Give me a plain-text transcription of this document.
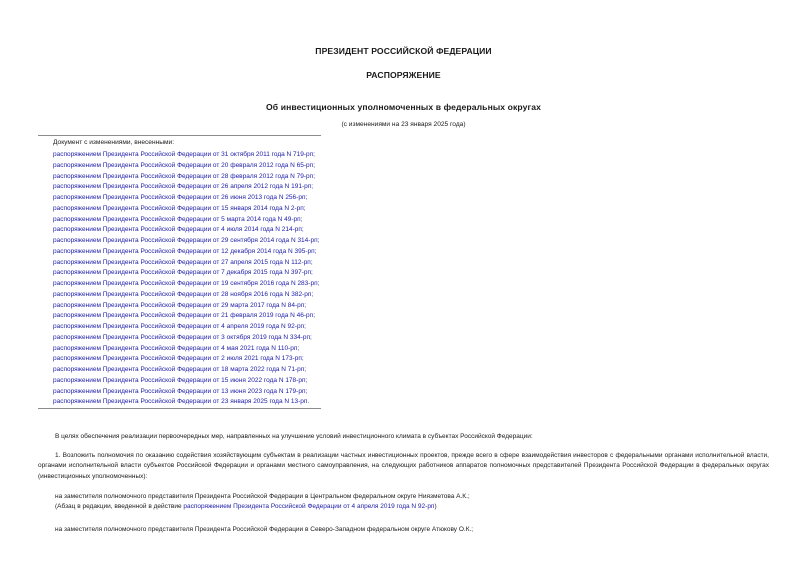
ПРЕЗИДЕНТ РОССИЙСКОЙ ФЕДЕРАЦИИ
РАСПОРЯЖЕНИЕ
Об инвестиционных уполномоченных в федеральных округах
(с изменениями на 23 января 2025 года)
Документ с изменениями, внесенными:
распоряжением Президента Российской Федерации от 31 октября 2011 года N 719-рп;
распоряжением Президента Российской Федерации от 20 февраля 2012 года N 65-рп;
распоряжением Президента Российской Федерации от 28 февраля 2012 года N 79-рп;
распоряжением Президента Российской Федерации от 26 апреля 2012 года N 191-рп;
распоряжением Президента Российской Федерации от 26 июня 2013 года N 256-рп;
распоряжением Президента Российской Федерации от 15 января 2014 года N 2-рп;
распоряжением Президента Российской Федерации от 5 марта 2014 года N 49-рп;
распоряжением Президента Российской Федерации от 4 июля 2014 года N 214-рп;
распоряжением Президента Российской Федерации от 29 сентября 2014 года N 314-рп;
распоряжением Президента Российской Федерации от 12 декабря 2014 года N 395-рп;
распоряжением Президента Российской Федерации от 27 апреля 2015 года N 112-рп;
распоряжением Президента Российской Федерации от 7 декабря 2015 года N 397-рп;
распоряжением Президента Российской Федерации от 19 сентября 2016 года N 283-рп;
распоряжением Президента Российской Федерации от 28 ноября 2016 года N 382-рп;
распоряжением Президента Российской Федерации от 29 марта 2017 года N 84-рп;
распоряжением Президента Российской Федерации от 21 февраля 2019 года N 46-рп;
распоряжением Президента Российской Федерации от 4 апреля 2019 года N 92-рп;
распоряжением Президента Российской Федерации от 3 октября 2019 года N 334-рп;
распоряжением Президента Российской Федерации от 4 мая 2021 года N 110-рп;
распоряжением Президента Российской Федерации от 2 июля 2021 года N 173-рп;
распоряжением Президента Российской Федерации от 18 марта 2022 года N 71-рп;
распоряжением Президента Российской Федерации от 15 июня 2022 года N 178-рп;
распоряжением Президента Российской Федерации от 13 июня 2023 года N 179-рп;
распоряжением Президента Российской Федерации от 23 января 2025 года N 13-рп.
В целях обеспечения реализации первоочередных мер, направленных на улучшение условий инвестиционного климата в субъектах Российской Федерации:
1. Возложить полномочия по оказанию содействия хозяйствующим субъектам в реализации частных инвестиционных проектов, прежде всего в сфере взаимодействия инвесторов с федеральными органами исполнительной власти, органами исполнительной власти субъектов Российской Федерации и органами местного самоуправления, на следующих работников аппаратов полномочных представителей Президента Российской Федерации в федеральных округах (инвестиционных уполномоченных):
на заместителя полномочного представителя Президента Российской Федерации в Центральном федеральном округе Ниязметова А.К.;
(Абзац в редакции, введенной в действие распоряжением Президента Российской Федерации от 4 апреля 2019 года N 92-рп)
на заместителя полномочного представителя Президента Российской Федерации в Северо-Западном федеральном округе Атюкову О.К.;
